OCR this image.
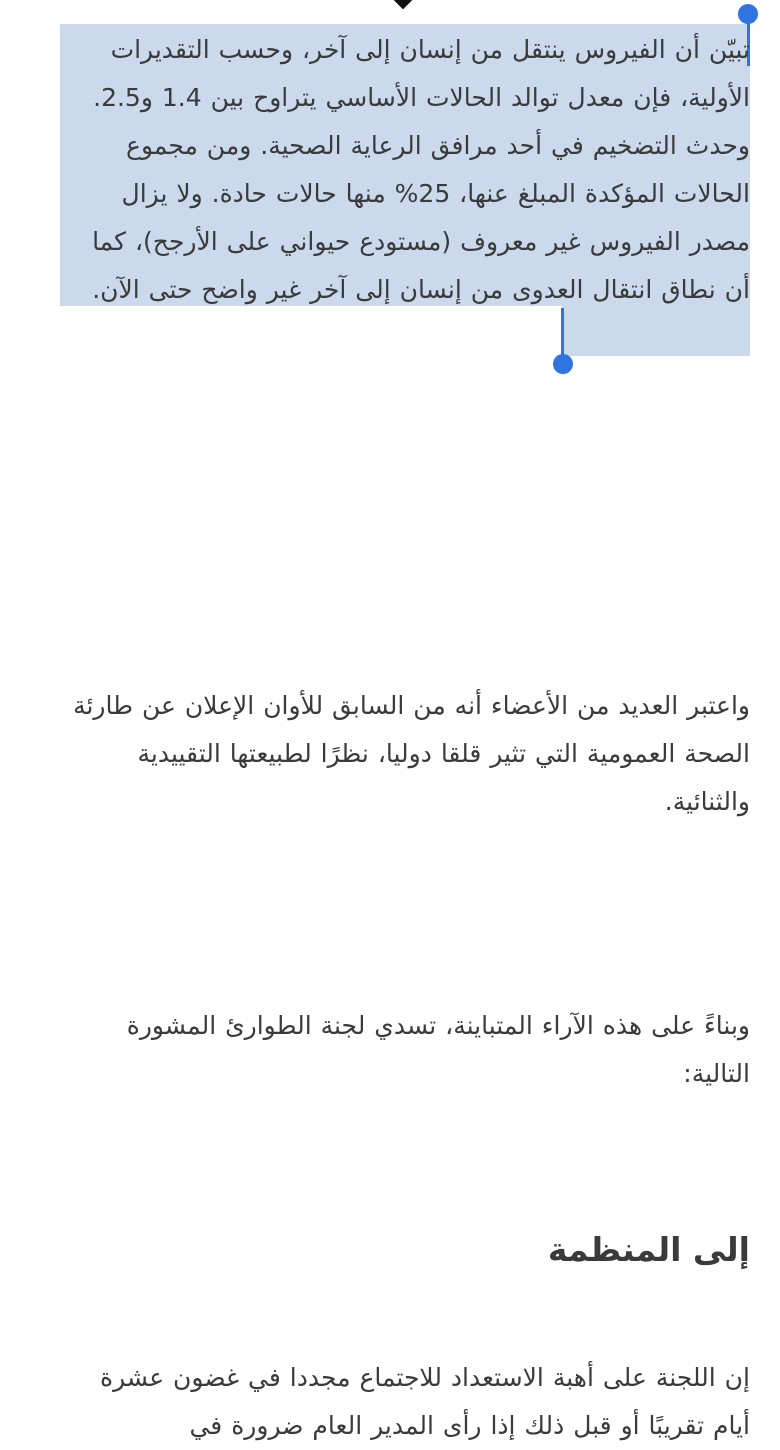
تبيّن أن الفيروس ينتقل من إنسان إلى آخر، وحسب التقديرات الأولية، فإن معدل توالد الحالات الأساسي يتراوح بين 1.4 و2.5. وحدث التضخيم في أحد مرافق الرعاية الصحية. ومن مجموع الحالات المؤكدة المبلغ عنها، 25% منها حالات حادة. ولا يزال مصدر الفيروس غير معروف (مستودع حيواني على الأرجح)، كما أن نطاق انتقال العدوى من إنسان إلى آخر غير واضح حتى الآن.

واعتبر العديد من الأعضاء أنه من السابق للأوان الإعلان عن طارئة الصحة العمومية التي تثير قلقا دوليا، نظرًا لطبيعتها التقييدية والثنائية.

وبناءً على هذه الآراء المتباينة، تسدي لجنة الطوارئ المشورة التالية:

إلى المنظمة

إن اللجنة على أهبة الاستعداد للاجتماع مجددا في غضون عشرة أيام تقريبًا أو قبل ذلك إذا رأى المدير العام ضرورة في
